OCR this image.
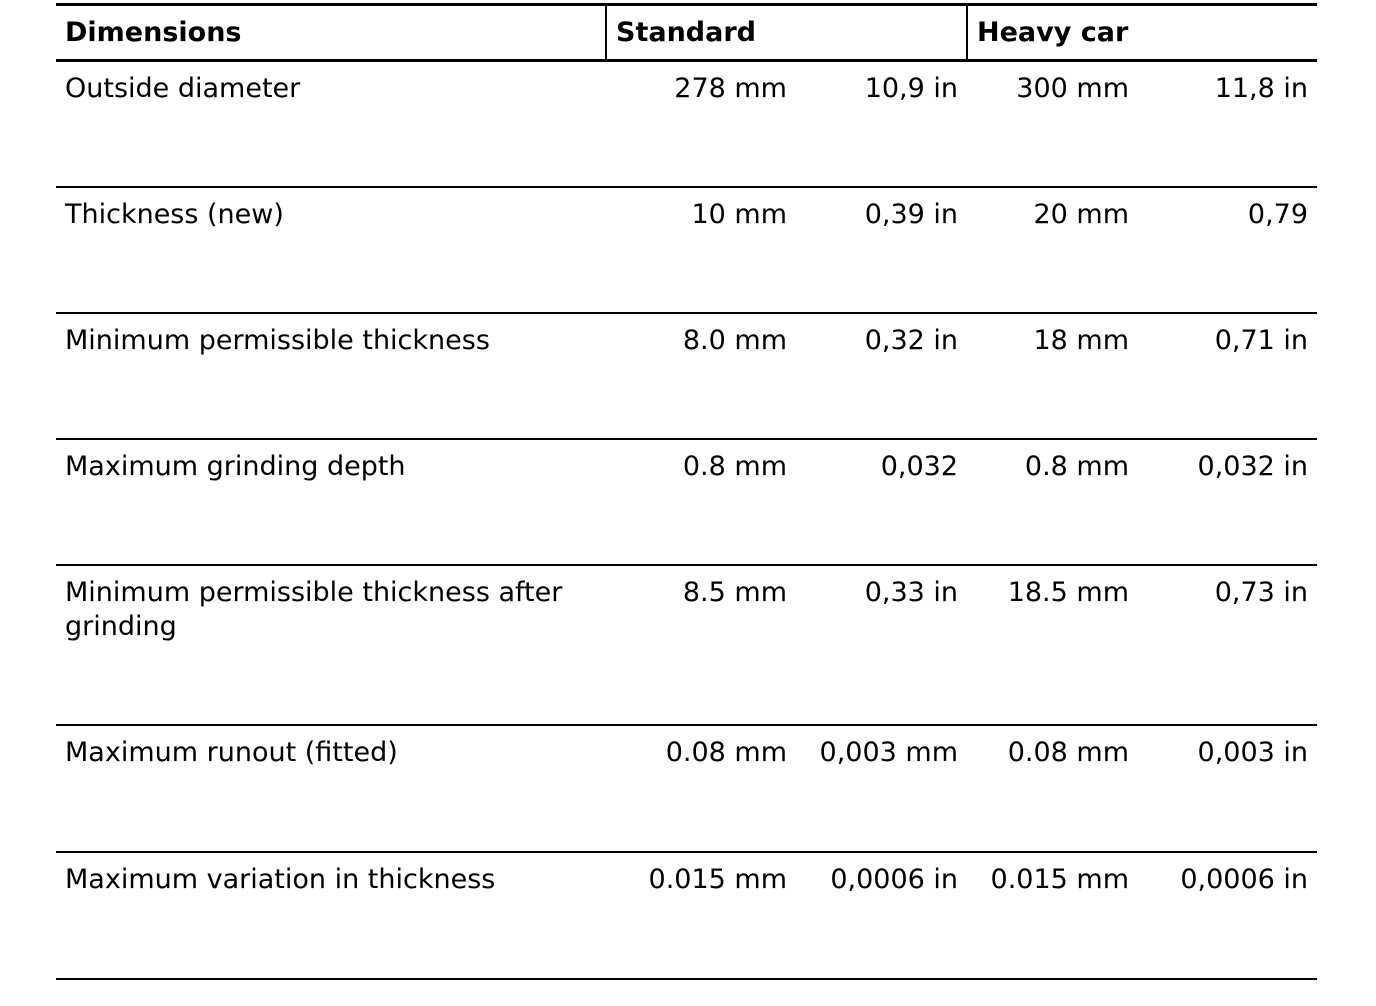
Dimensions	Standard		Heavy car	
Outside diameter	278 mm	10,9 in	300 mm	11,8 in
Thickness (new)	10 mm	0,39 in	20 mm	0,79
Minimum permissible thickness	8.0 mm	0,32 in	18 mm	0,71 in
Maximum grinding depth	0.8 mm	0,032	0.8 mm	0,032 in
Minimum permissible thickness after grinding	8.5 mm	0,33 in	18.5 mm	0,73 in
Maximum runout (fitted)	0.08 mm	0,003 mm	0.08 mm	0,003 in
Maximum variation in thickness	0.015 mm	0,0006 in	0.015 mm	0,0006 in
